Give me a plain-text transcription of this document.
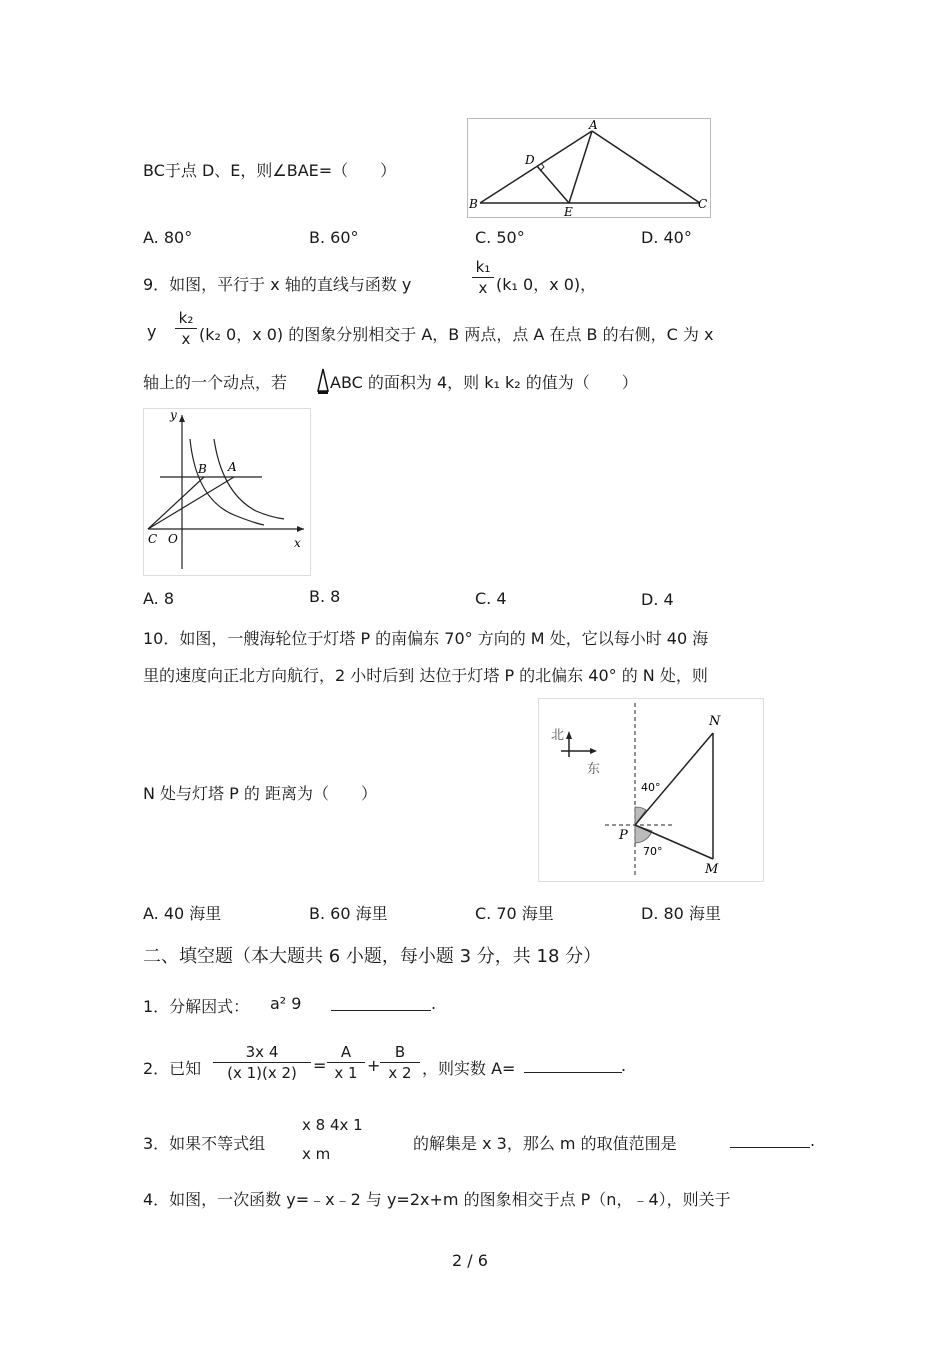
BC于点 D、E，则∠BAE=（　　）
A
B	C
D
E
A. 80°	B. 60°	C. 50°	D. 40°
9．如图，平行于 x 轴的直线与函数 y
k₁
x (k₁ 0，x 0)，
y
k₂
x (k₂ 0，x 0) 的图象分别相交于 A，B 两点，点 A 在点 B 的右侧，C 为 x
轴上的一个动点，若	ABC 的面积为 4，则 k₁ k₂ 的值为（　　）
y
B A
C O	x
A. 8	B. 8	C. 4	D. 4
10．如图，一艘海轮位于灯塔 P 的南偏东 70° 方向的 M 处，它以每小时 40 海
里的速度向正北方向航行，2 小时后到 达位于灯塔 P 的北偏东 40° 的 N 处，则
N 处与灯塔 P 的 距离为（　　）
北
东
40°
70°
N
P
M
A. 40 海里	B. 60 海里	C. 70 海里	D. 80 海里
二、填空题（本大题共 6 小题，每小题 3 分，共 18 分）
1．分解因式： a² 9	.
2．已知
3x 4
(x 1)(x 2)	=
A
x 1 +
B
x 2 ，则实数 A=	.
3．如果不等式组
x 8 4x 1
x m
的解集是 x 3，那么 m 的取值范围是	.
4．如图，一次函数 y=﹣x﹣2 与 y=2x+m 的图象相交于点 P（n，﹣4），则关于
2 / 6
